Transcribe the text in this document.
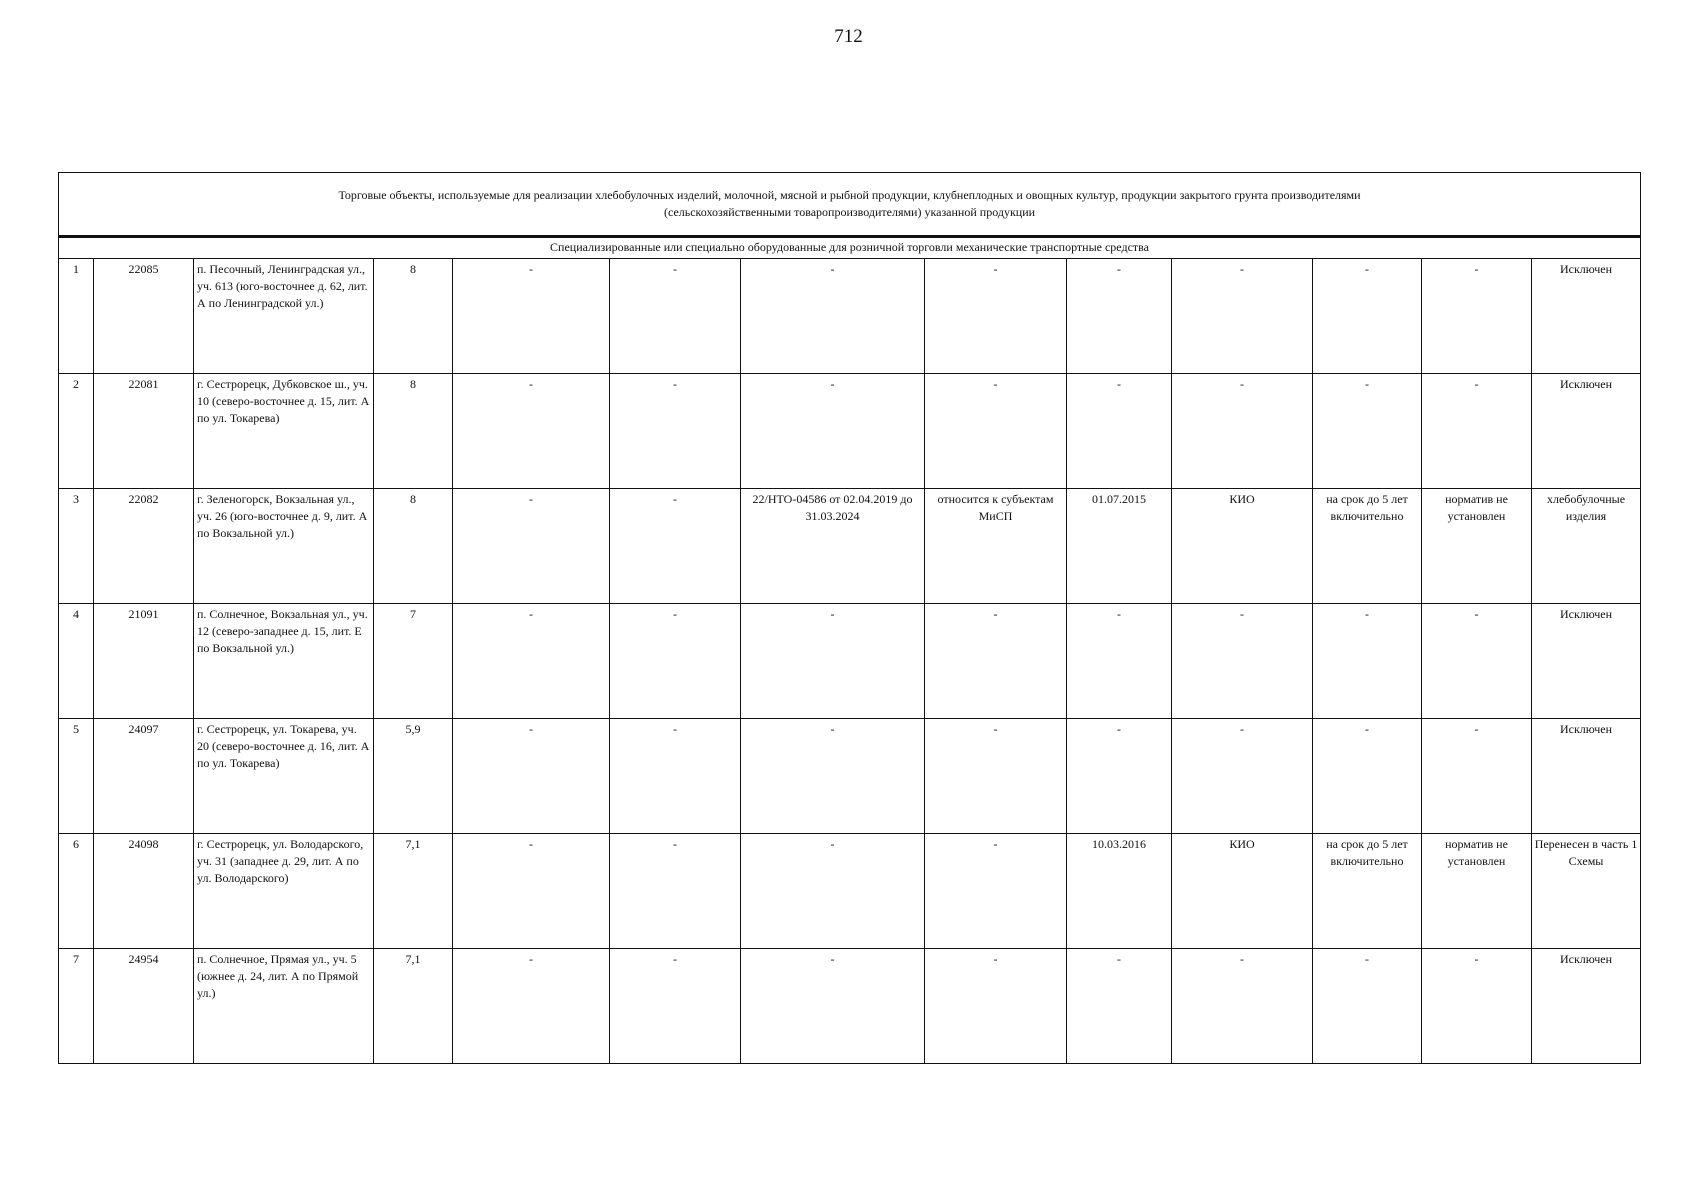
712
Торговые объекты, используемые для реализации хлебобулочных изделий, молочной, мясной и рыбной продукции, клубнеплодных и овощных культур, продукции закрытого грунта производителями (сельскохозяйственными товаропроизводителями) указанной продукции												
Специализированные или специально оборудованные для розничной торговли механические транспортные средства												
1	22085	п. Песочный, Ленинградская ул., уч. 613 (юго-восточнее д. 62, лит. А по Ленинградской ул.)	8	-	-	-	-	-	-	-	-	Исключен
2	22081	г. Сестрорецк, Дубковское ш., уч. 10 (северо-восточнее д. 15, лит. А по ул. Токарева)	8	-	-	-	-	-	-	-	-	Исключен
3	22082	г. Зеленогорск, Вокзальная ул., уч. 26 (юго-восточнее д. 9, лит. А по Вокзальной ул.)	8	-	-	22/НТО-04586 от 02.04.2019 до 31.03.2024	относится к субъектам МиСП	01.07.2015	КИО	на срок до 5 лет включительно	норматив не установлен	хлебобулочные изделия
4	21091	п. Солнечное, Вокзальная ул., уч. 12 (северо-западнее д. 15, лит. Е по Вокзальной ул.)	7	-	-	-	-	-	-	-	-	Исключен
5	24097	г. Сестрорецк, ул. Токарева, уч. 20 (северо-восточнее д. 16, лит. А по ул. Токарева)	5,9	-	-	-	-	-	-	-	-	Исключен
6	24098	г. Сестрорецк, ул. Володарского, уч. 31 (западнее д. 29, лит. А по ул. Володарского)	7,1	-	-	-	-	10.03.2016	КИО	на срок до 5 лет включительно	норматив не установлен	Перенесен в часть 1 Схемы
7	24954	п. Солнечное, Прямая ул., уч. 5 (южнее д. 24, лит. А по Прямой ул.)	7,1	-	-	-	-	-	-	-	-	Исключен
